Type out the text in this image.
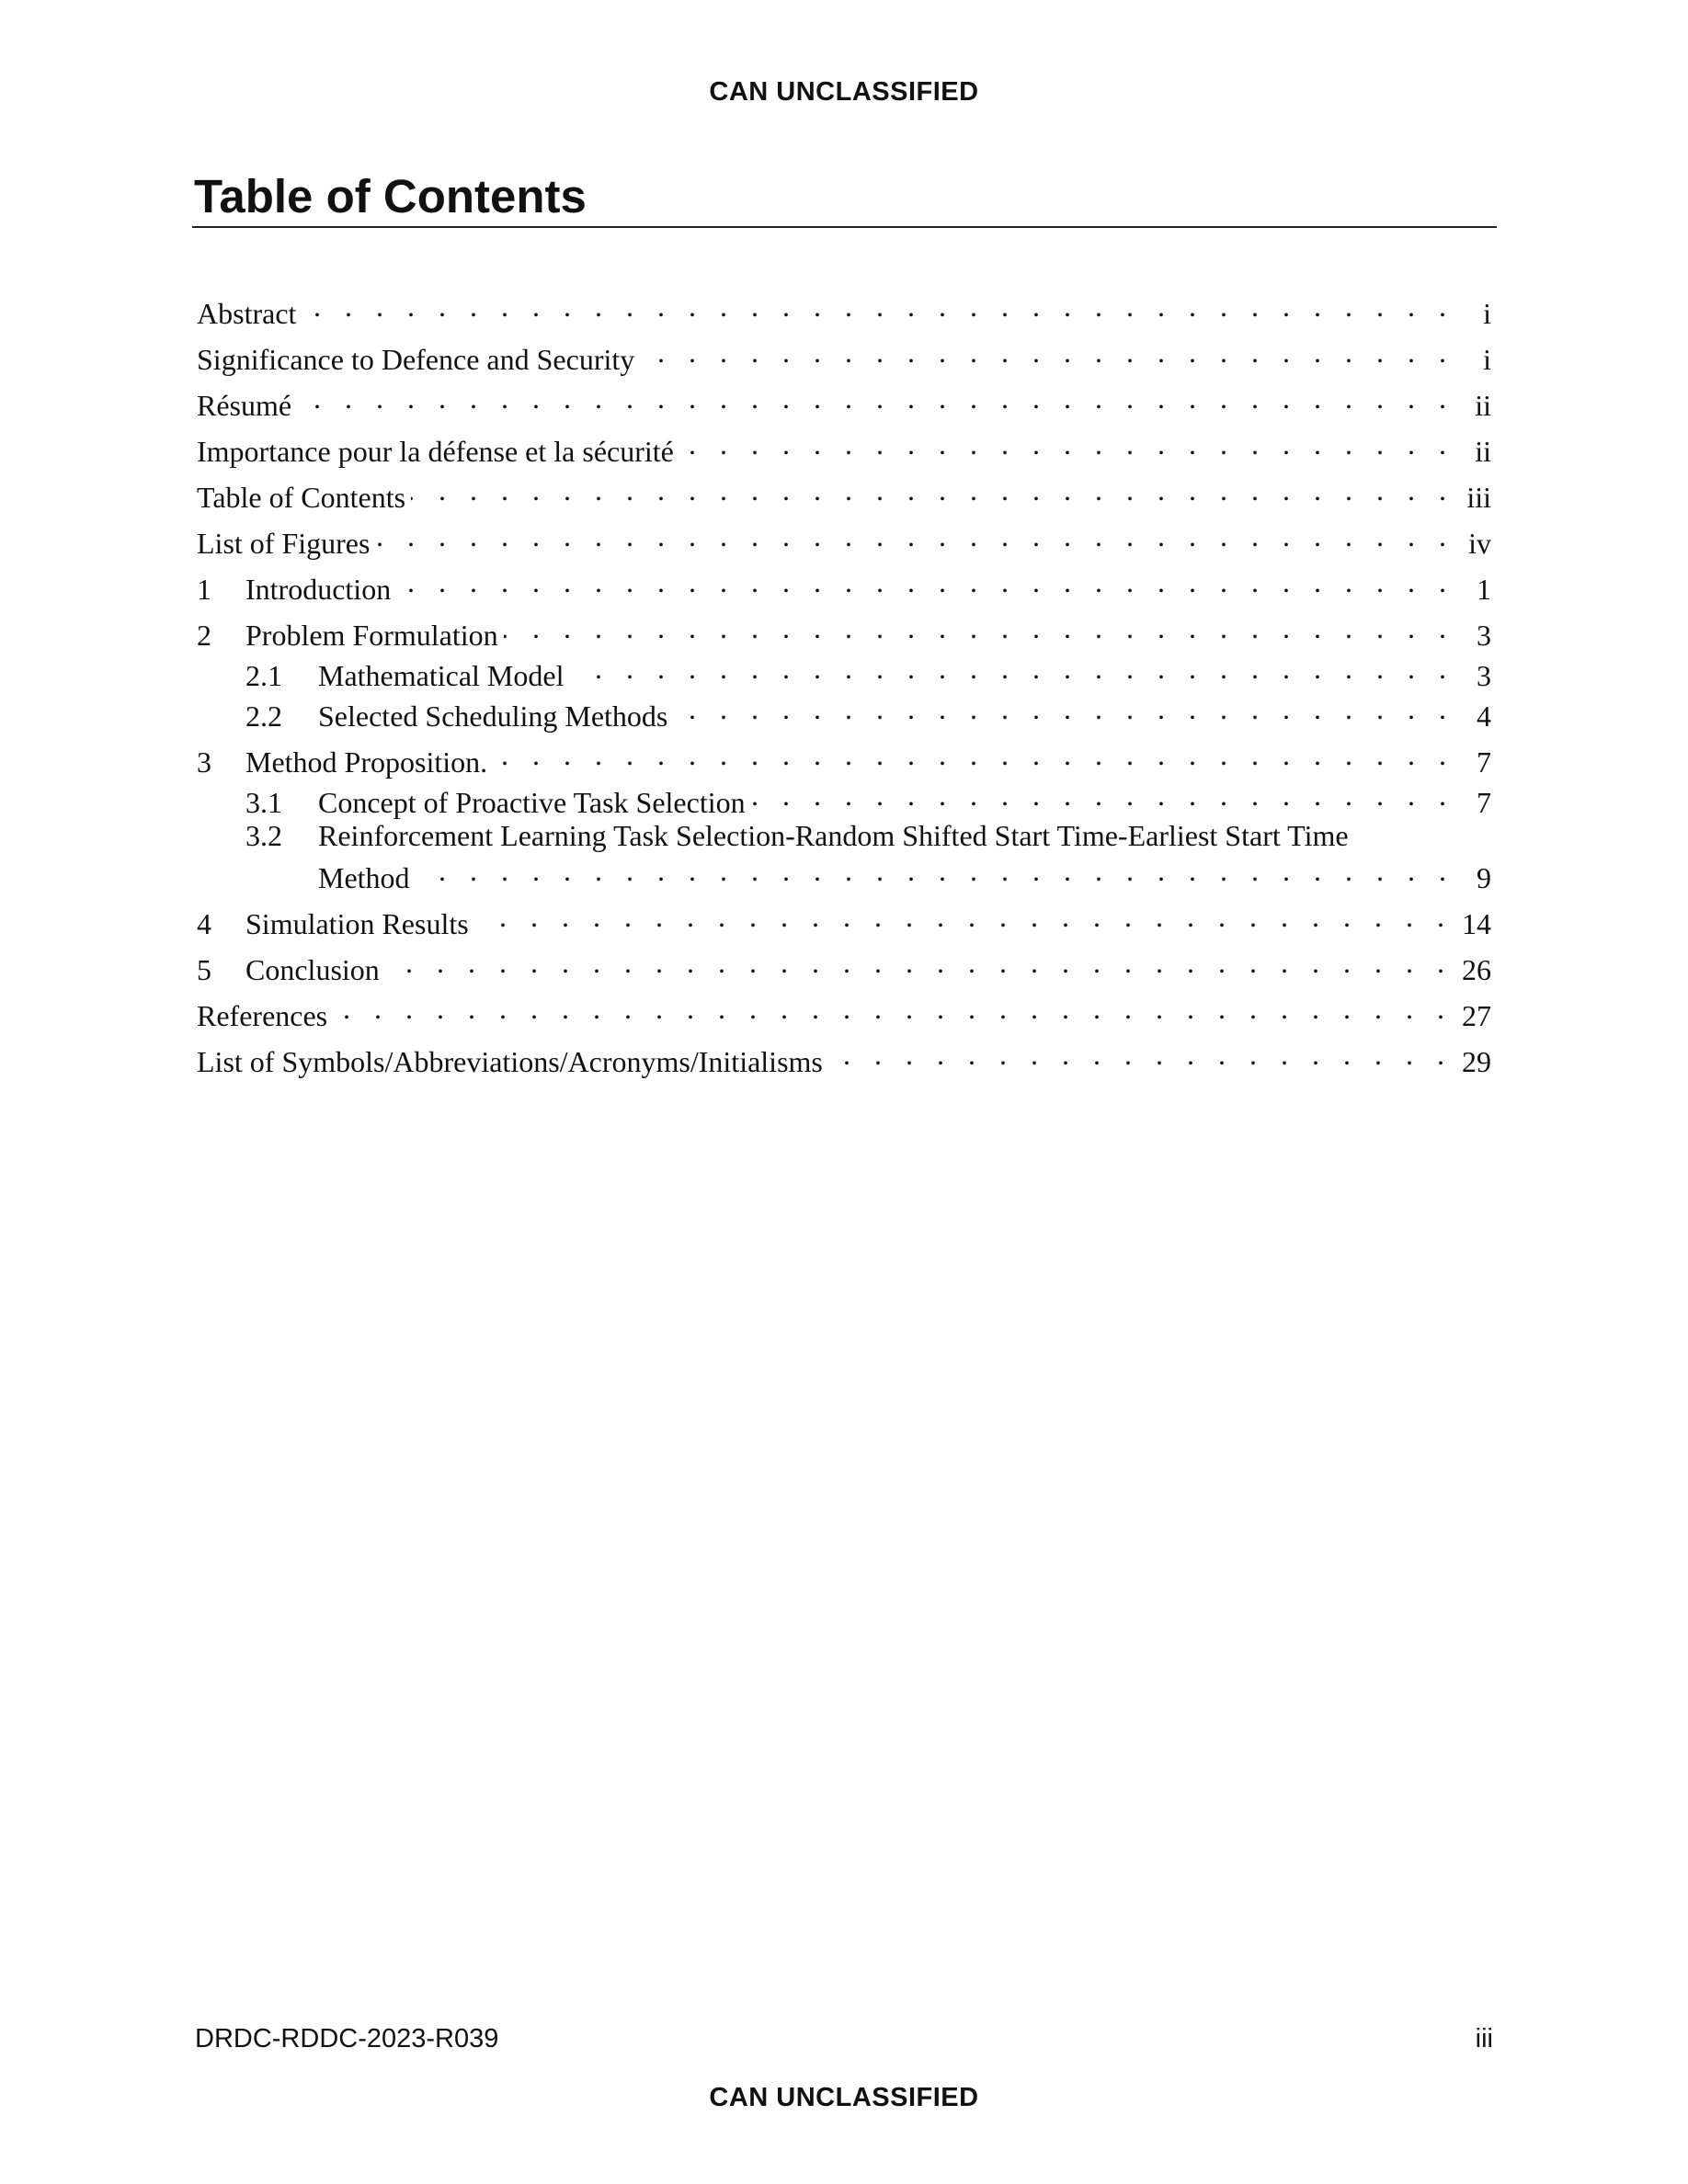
CAN UNCLASSIFIED
Table of Contents
Abstract . . .	i
Significance to Defence and Security . . .	i
Résumé . . .	ii
Importance pour la défense et la sécurité . . .	ii
Table of Contents . . .	iii
List of Figures . . .	iv
1	Introduction . . .	1
2	Problem Formulation . . .	3
2.1	Mathematical Model . . .	3
2.2	Selected Scheduling Methods . . .	4
3	Method Proposition. . . .	7
3.1	Concept of Proactive Task Selection . . .	7
3.2	Reinforcement Learning Task Selection-Random Shifted Start Time-Earliest Start Time
Method . . .	9
4	Simulation Results . . .	14
5	Conclusion . . .	26
References . . .	27
List of Symbols/Abbreviations/Acronyms/Initialisms . . .	29
DRDC-RDDC-2023-R039	iii
CAN UNCLASSIFIED
